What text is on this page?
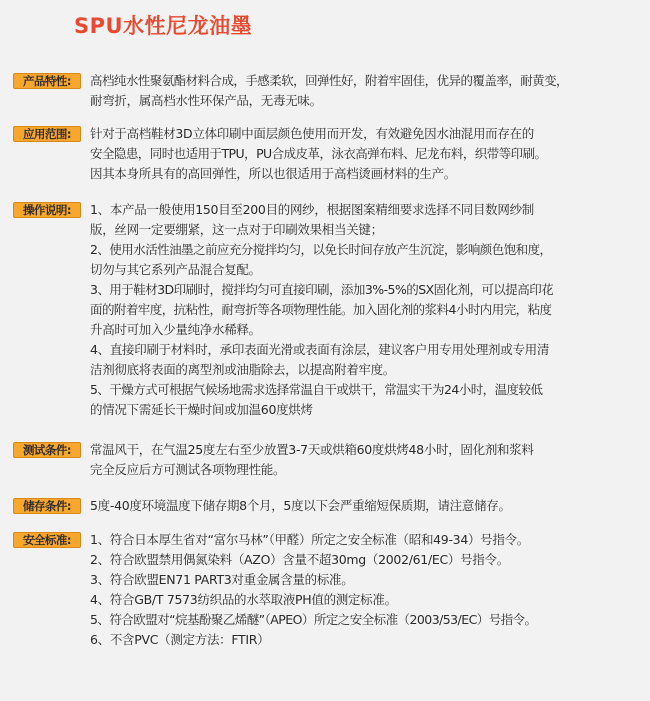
SPU水性尼龙油墨
产品特性:	高档纯水性聚氨酯材料合成，手感柔软，回弹性好，附着牢固佳，优异的覆盖率，耐黄变，
耐弯折，属高档水性环保产品，无毒无味。
应用范围:	针对于高档鞋材3D立体印刷中面层颜色使用而开发，有效避免因水油混用而存在的
安全隐患，同时也适用于TPU，PU合成皮革，泳衣高弹布料、尼龙布料，织带等印刷。
因其本身所具有的高回弹性，所以也很适用于高档烫画材料的生产。
操作说明:	1、本产品一般使用150目至200目的网纱，根据图案精细要求选择不同目数网纱制
版，丝网一定要绷紧，这一点对于印刷效果相当关键；
2、使用水活性油墨之前应充分搅拌均匀，以免长时间存放产生沉淀，影响颜色饱和度，
切勿与其它系列产品混合复配。
3、用于鞋材3D印刷时，搅拌均匀可直接印刷，添加3%-5%的SX固化剂，可以提高印花
面的附着牢度，抗粘性，耐弯折等各项物理性能。加入固化剂的浆料4小时内用完，粘度
升高时可加入少量纯净水稀释。
4、直接印刷于材料时，承印表面光滑或表面有涂层，建议客户用专用处理剂或专用清
洁剂彻底将表面的离型剂或油脂除去，以提高附着牢度。
5、干燥方式可根据气候场地需求选择常温自干或烘干，常温实干为24小时，温度较低
的情况下需延长干燥时间或加温60度烘烤
测试条件:	常温风干，在气温25度左右至少放置3-7天或烘箱60度烘烤48小时，固化剂和浆料
完全反应后方可测试各项物理性能。
储存条件:	5度-40度环境温度下储存期8个月，5度以下会严重缩短保质期，请注意储存。
安全标准:	1、符合日本厚生省对“富尔马林”（甲醛）所定之安全标准（昭和49-34）号指令。
2、符合欧盟禁用偶氮染料（AZO）含量不超30mg（2002/61/EC）号指令。
3、符合欧盟EN71 PART3对重金属含量的标准。
4、符合GB/T 7573纺织品的水萃取液PH值的测定标准。
5、符合欧盟对“烷基酚聚乙烯醚”（APEO）所定之安全标准（2003/53/EC）号指令。
6、不含PVC（测定方法：FTIR）
